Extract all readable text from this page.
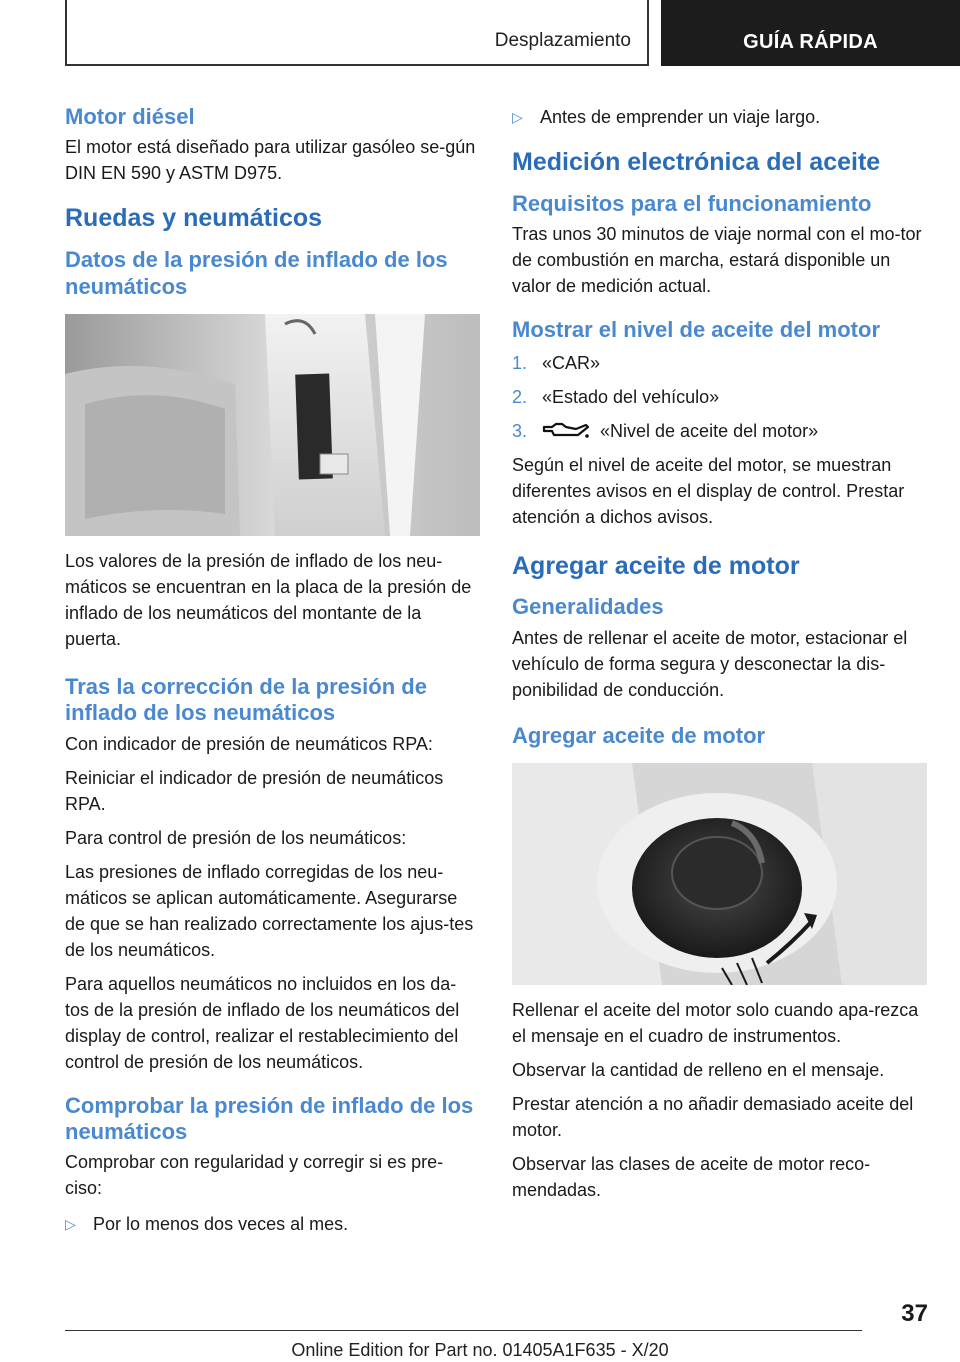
Desplazamiento	GUÍA RÁPIDA
Motor diésel

El motor está diseñado para utilizar gasóleo se-gún DIN EN 590 y ASTM D975.

Ruedas y neumáticos
Datos de la presión de inflado de los neumáticos

Los valores de la presión de inflado de los neu-máticos se encuentran en la placa de la presión de inflado de los neumáticos del montante de la puerta.

Tras la corrección de la presión de inflado de los neumáticos

Con indicador de presión de neumáticos RPA:

Reiniciar el indicador de presión de neumáticos RPA.

Para control de presión de los neumáticos:

Las presiones de inflado corregidas de los neu-máticos se aplican automáticamente. Asegurarse de que se han realizado correctamente los ajus-tes de los neumáticos.

Para aquellos neumáticos no incluidos en los da-tos de la presión de inflado de los neumáticos del display de control, realizar el restablecimiento del control de presión de los neumáticos.

Comprobar la presión de inflado de los neumáticos

Comprobar con regularidad y corregir si es pre-ciso:

▷ Por lo menos dos veces al mes.
▷ Antes de emprender un viaje largo.
Medición electrónica del aceite
Requisitos para el funcionamiento

Tras unos 30 minutos de viaje normal con el mo-tor de combustión en marcha, estará disponible un valor de medición actual.

Mostrar el nivel de aceite del motor
1. «CAR»
2. «Estado del vehículo»
3.	«Nivel de aceite del motor»

Según el nivel de aceite del motor, se muestran diferentes avisos en el display de control. Prestar atención a dichos avisos.

Agregar aceite de motor
Generalidades

Antes de rellenar el aceite de motor, estacionar el vehículo de forma segura y desconectar la dis-ponibilidad de conducción.

Agregar aceite de motor

Rellenar el aceite del motor solo cuando apa-rezca el mensaje en el cuadro de instrumentos.

Observar la cantidad de relleno en el mensaje.

Prestar atención a no añadir demasiado aceite del motor.

Observar las clases de aceite de motor reco-mendadas.

37
Online Edition for Part no. 01405A1F635 - X/20
